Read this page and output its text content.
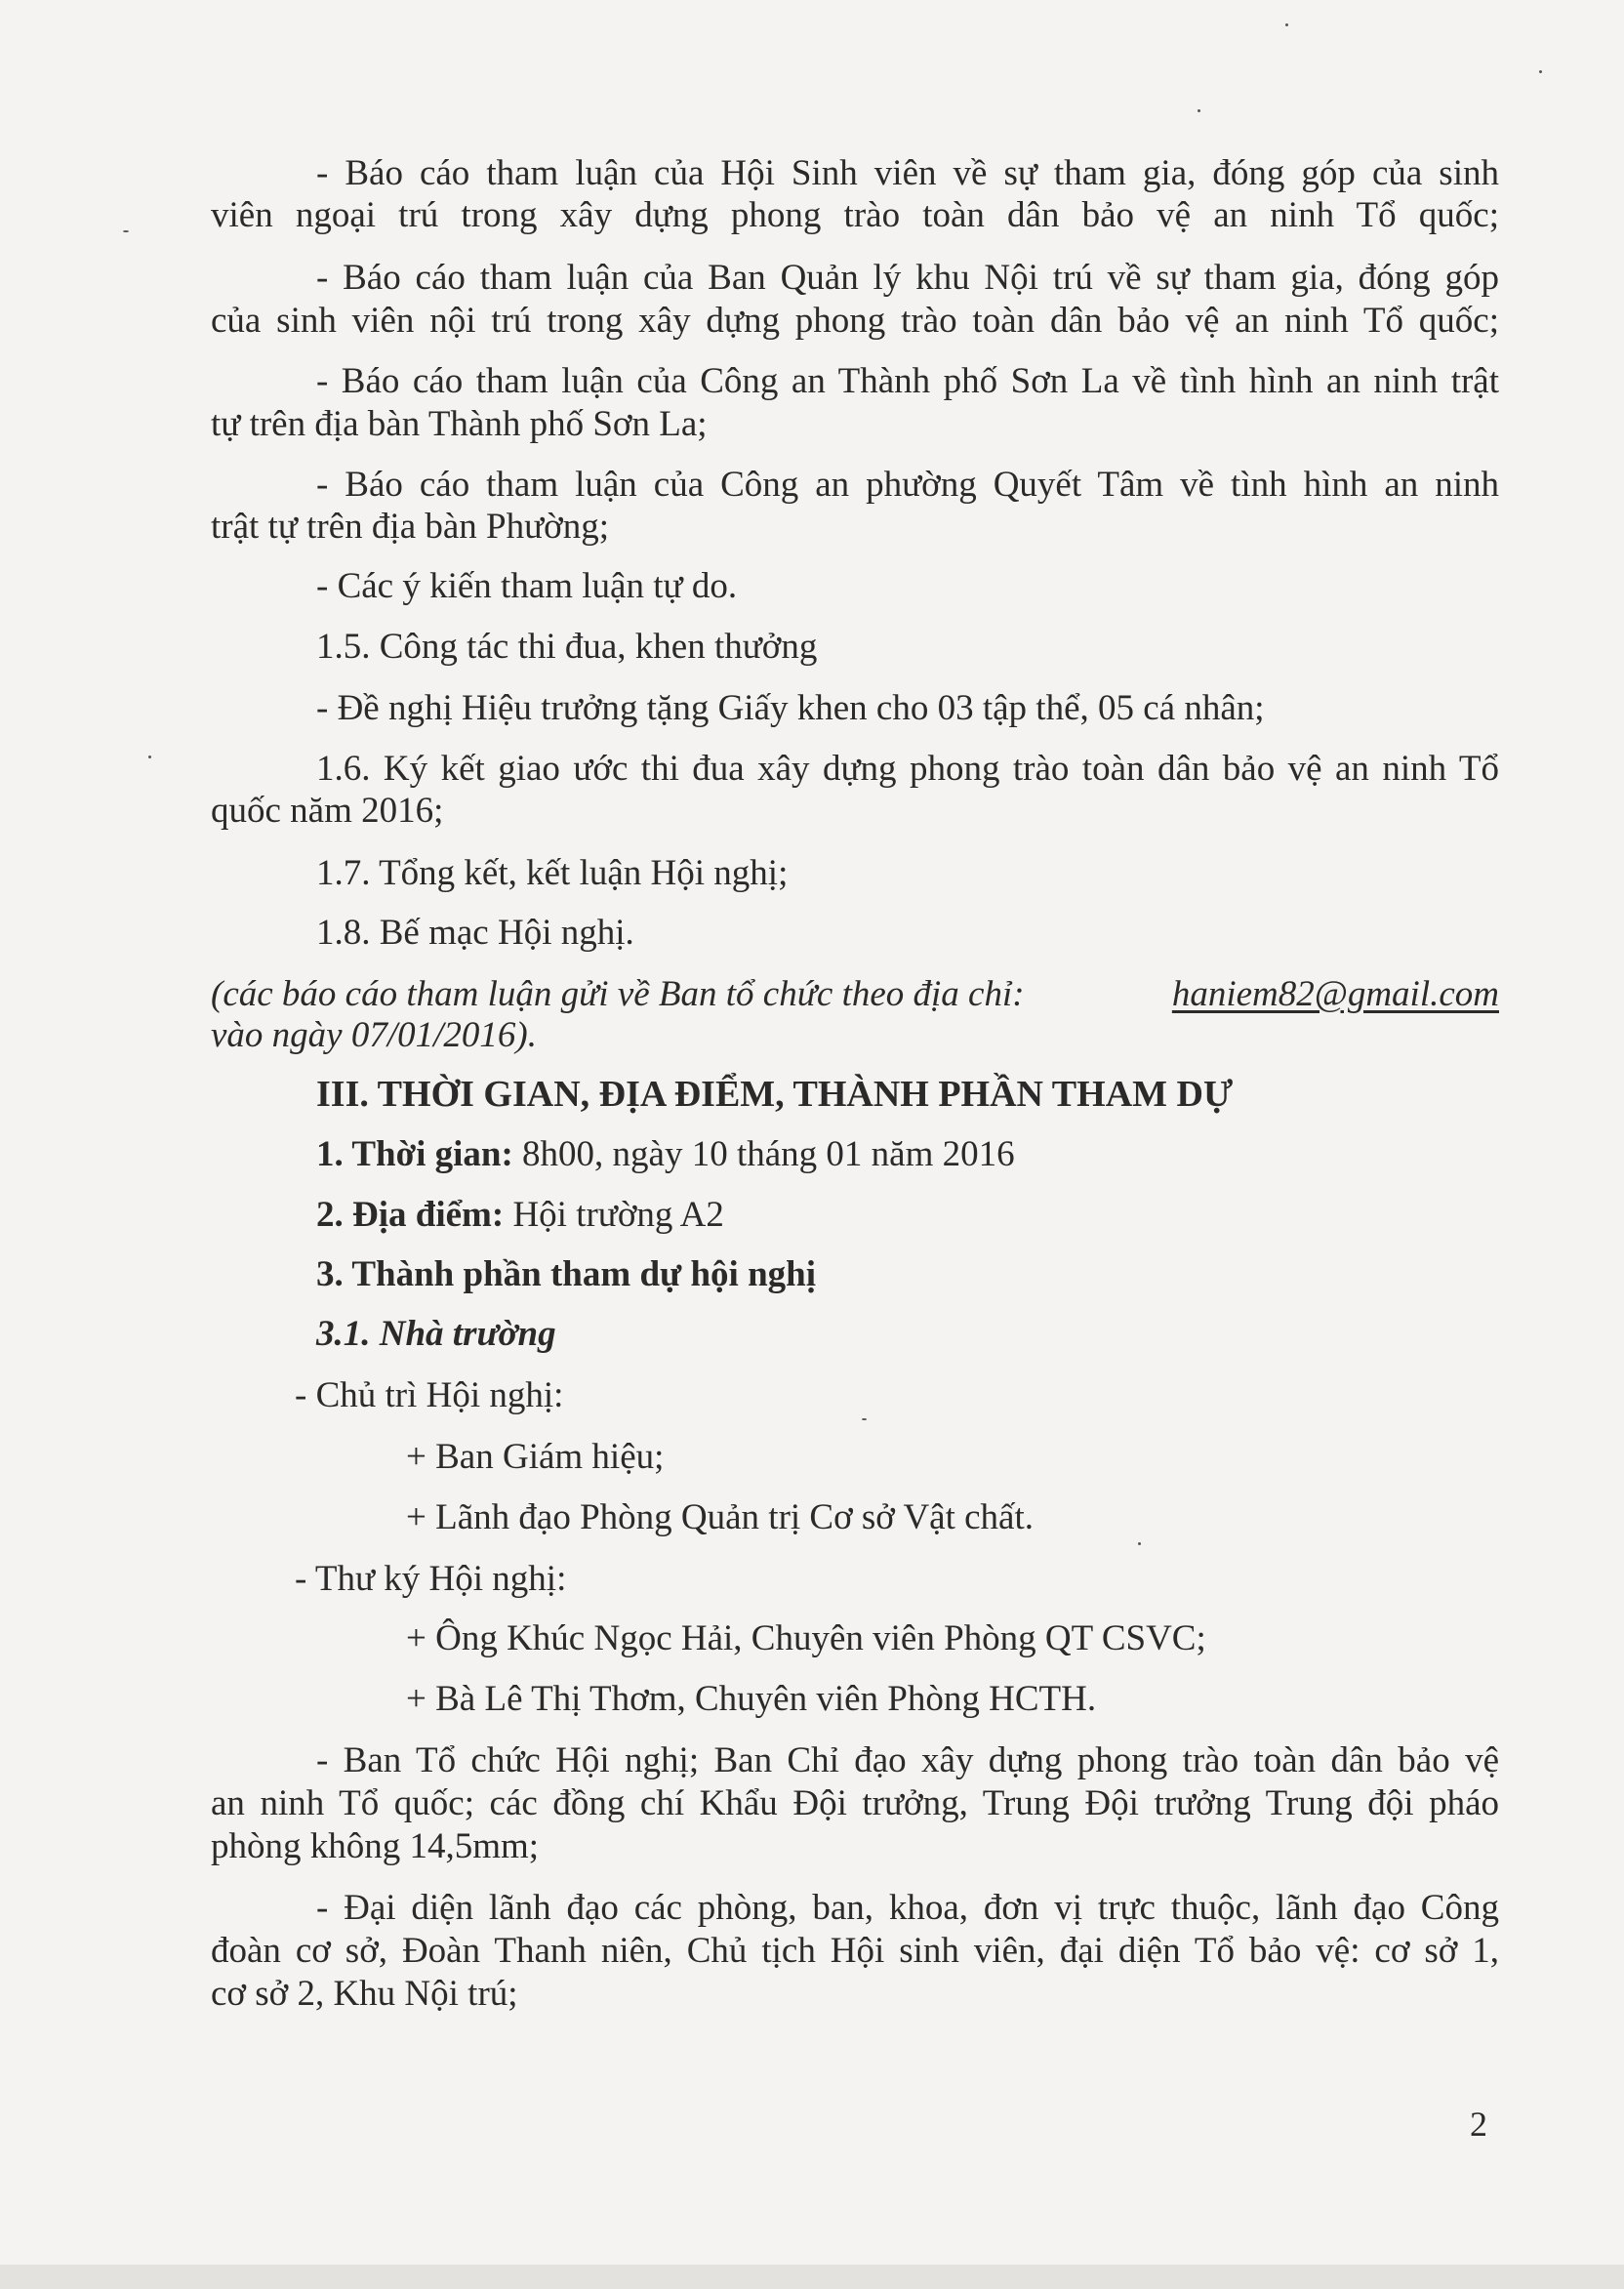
- Báo cáo tham luận của Hội Sinh viên về sự tham gia, đóng góp của sinh
viên ngoại trú trong xây dựng phong trào toàn dân bảo vệ an ninh Tổ quốc;
- Báo cáo tham luận của Ban Quản lý khu Nội trú về sự tham gia, đóng góp
của sinh viên nội trú trong xây dựng phong trào toàn dân bảo vệ an ninh Tổ quốc;
- Báo cáo tham luận của Công an Thành phố Sơn La về tình hình an ninh trật
tự trên địa bàn Thành phố Sơn La;
- Báo cáo tham luận của Công an phường Quyết Tâm về tình hình an ninh
trật tự trên địa bàn Phường;
- Các ý kiến tham luận tự do.
1.5. Công tác thi đua, khen thưởng
- Đề nghị Hiệu trưởng tặng Giấy khen cho 03 tập thể, 05 cá nhân;
1.6. Ký kết giao ước thi đua xây dựng phong trào toàn dân bảo vệ an ninh Tổ
quốc năm 2016;
1.7. Tổng kết, kết luận Hội nghị;
1.8. Bế mạc Hội nghị.
(các báo cáo tham luận gửi về Ban tổ chức theo địa chỉ:	haniem82@gmail.com
vào ngày 07/01/2016).
III. THỜI GIAN, ĐỊA ĐIỂM, THÀNH PHẦN THAM DỰ
1. Thời gian: 8h00, ngày 10 tháng 01 năm 2016
2. Địa điểm: Hội trường A2
3. Thành phần tham dự hội nghị
3.1. Nhà trường
- Chủ trì Hội nghị:
+ Ban Giám hiệu;
+ Lãnh đạo Phòng Quản trị Cơ sở Vật chất.
- Thư ký Hội nghị:
+ Ông Khúc Ngọc Hải, Chuyên viên Phòng QT CSVC;
+ Bà Lê Thị Thơm, Chuyên viên Phòng HCTH.
- Ban Tổ chức Hội nghị; Ban Chỉ đạo xây dựng phong trào toàn dân bảo vệ
an ninh Tổ quốc; các đồng chí Khẩu Đội trưởng, Trung Đội trưởng Trung đội pháo
phòng không 14,5mm;
- Đại diện lãnh đạo các phòng, ban, khoa, đơn vị trực thuộc, lãnh đạo Công
đoàn cơ sở, Đoàn Thanh niên, Chủ tịch Hội sinh viên, đại diện Tổ bảo vệ: cơ sở 1,
cơ sở 2, Khu Nội trú;
2
